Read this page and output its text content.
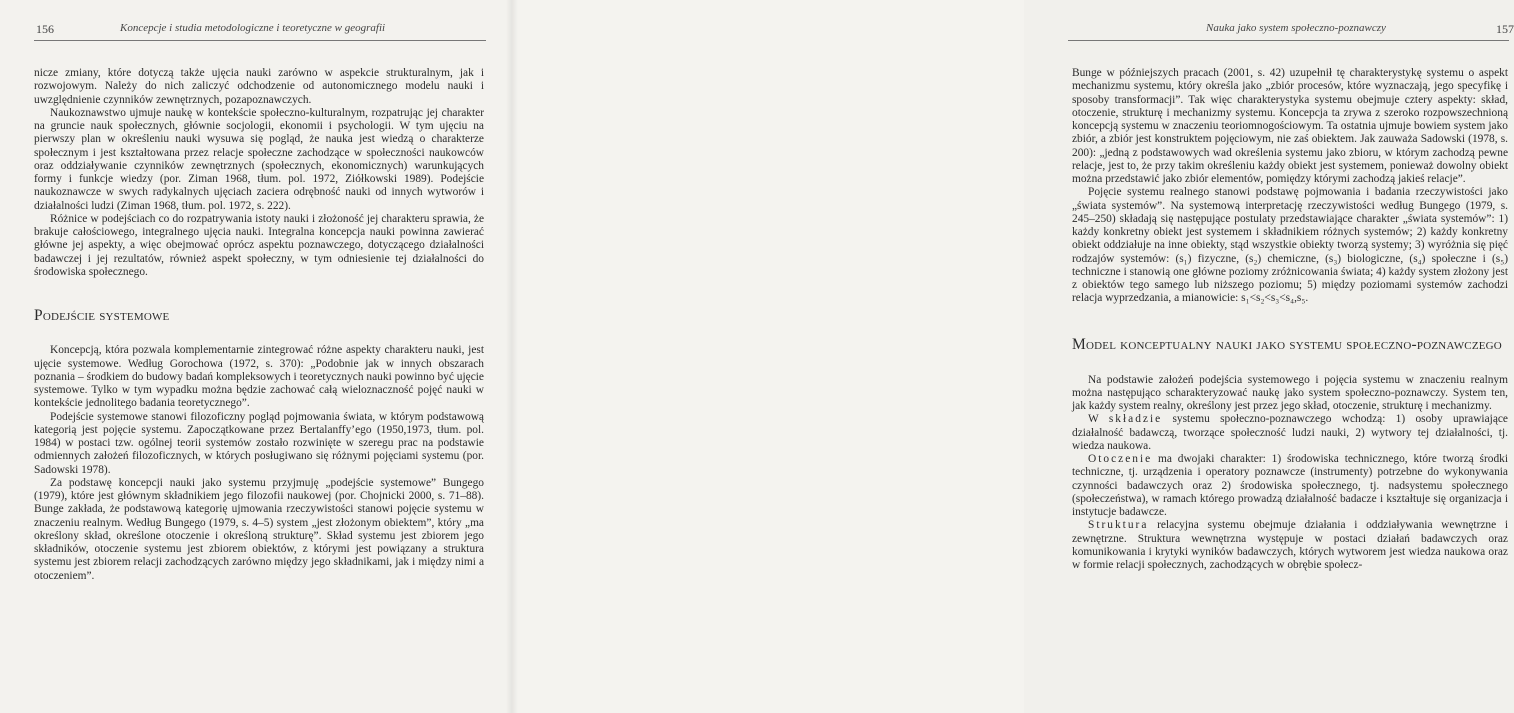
156	Koncepcje i studia metodologiczne i teoretyczne w geografii

nicze zmiany, które dotyczą także ujęcia nauki zarówno w aspekcie strukturalnym, jak i rozwojowym. Należy do nich zaliczyć odchodzenie od autonomicznego modelu nauki i uwzględnienie czynników zewnętrznych, pozapoznawczych.

Naukoznawstwo ujmuje naukę w kontekście społeczno-kulturalnym, rozpatrując jej charakter na gruncie nauk społecznych, głównie socjologii, ekonomii i psychologii. W tym ujęciu na pierwszy plan w określeniu nauki wysuwa się pogląd, że nauka jest wiedzą o charakterze społecznym i jest kształtowana przez relacje społeczne zachodzące w społeczności naukowców oraz oddziaływanie czynników zewnętrznych (społecznych, ekonomicznych) warunkujących formy i funkcje wiedzy (por. Ziman 1968, tłum. pol. 1972, Ziółkowski 1989). Podejście naukoznawcze w swych radykalnych ujęciach zaciera odrębność nauki od innych wytworów i działalności ludzi (Ziman 1968, tłum. pol. 1972, s. 222).

Różnice w podejściach co do rozpatrywania istoty nauki i złożoność jej charakteru sprawia, że brakuje całościowego, integralnego ujęcia nauki. Integralna koncepcja nauki powinna zawierać główne jej aspekty, a więc obejmować oprócz aspektu poznawczego, dotyczącego działalności badawczej i jej rezultatów, również aspekt społeczny, w tym odniesienie tej działalności do środowiska społecznego.

Podejście systemowe

Koncepcją, która pozwala komplementarnie zintegrować różne aspekty charakteru nauki, jest ujęcie systemowe. Według Gorochowa (1972, s. 370): „Podobnie jak w innych obszarach poznania – środkiem do budowy badań kompleksowych i teoretycznych nauki powinno być ujęcie systemowe. Tylko w tym wypadku można będzie zachować całą wieloznaczność pojęć nauki w kontekście jednolitego badania teoretycznego”.

Podejście systemowe stanowi filozoficzny pogląd pojmowania świata, w którym podstawową kategorią jest pojęcie systemu. Zapoczątkowane przez Bertalanffy’ego (1950,1973, tłum. pol. 1984) w postaci tzw. ogólnej teorii systemów zostało rozwinięte w szeregu prac na podstawie odmiennych założeń filozoficznych, w których posługiwano się różnymi pojęciami systemu (por. Sadowski 1978).

Za podstawę koncepcji nauki jako systemu przyjmuję „podejście systemowe” Bungego (1979), które jest głównym składnikiem jego filozofii naukowej (por. Chojnicki 2000, s. 71–88). Bunge zakłada, że podstawową kategorię ujmowania rzeczywistości stanowi pojęcie systemu w znaczeniu realnym. Według Bungego (1979, s. 4–5) system „jest złożonym obiektem”, który „ma określony skład, określone otoczenie i określoną strukturę”. Skład systemu jest zbiorem jego składników, otoczenie systemu jest zbiorem obiektów, z którymi jest powiązany a struktura systemu jest zbiorem relacji zachodzących zarówno między jego składnikami, jak i między nimi a otoczeniem”.

Nauka jako system społeczno-poznawczy	157

Bunge w późniejszych pracach (2001, s. 42) uzupełnił tę charakterystykę systemu o aspekt mechanizmu systemu, który określa jako „zbiór procesów, które wyznaczają, jego specyfikę i sposoby transformacji”. Tak więc charakterystyka systemu obejmuje cztery aspekty: skład, otoczenie, strukturę i mechanizmy systemu. Koncepcja ta zrywa z szeroko rozpowszechnioną koncepcją systemu w znaczeniu teoriomnogościowym. Ta ostatnia ujmuje bowiem system jako zbiór, a zbiór jest konstruktem pojęciowym, nie zaś obiektem. Jak zauważa Sadowski (1978, s. 200): „jedną z podstawowych wad określenia systemu jako zbioru, w którym zachodzą pewne relacje, jest to, że przy takim określeniu każdy obiekt jest systemem, ponieważ dowolny obiekt można przedstawić jako zbiór elementów, pomiędzy którymi zachodzą jakieś relacje”.

Pojęcie systemu realnego stanowi podstawę pojmowania i badania rzeczywistości jako „świata systemów”. Na systemową interpretację rzeczywistości według Bungego (1979, s. 245–250) składają się następujące postulaty przedstawiające charakter „świata systemów”: 1) każdy konkretny obiekt jest systemem i składnikiem różnych systemów; 2) każdy konkretny obiekt oddziałuje na inne obiekty, stąd wszystkie obiekty tworzą systemy; 3) wyróżnia się pięć rodzajów systemów: (s₁) fizyczne, (s₂) chemiczne, (s₃) biologiczne, (s₄) społeczne i (s₅) techniczne i stanowią one główne poziomy zróżnicowania świata; 4) każdy system złożony jest z obiektów tego samego lub niższego poziomu; 5) między poziomami systemów zachodzi relacja wyprzedzania, a mianowicie: s₁<s₂<s₃<s₄,s₅.

Model konceptualny nauki jako systemu społeczno-poznawczego

Na podstawie założeń podejścia systemowego i pojęcia systemu w znaczeniu realnym można następująco scharakteryzować naukę jako system społeczno-poznawczy. System ten, jak każdy system realny, określony jest przez jego skład, otoczenie, strukturę i mechanizmy.

W składzie systemu społeczno-poznawczego wchodzą: 1) osoby uprawiające działalność badawczą, tworzące społeczność ludzi nauki, 2) wytwory tej działalności, tj. wiedza naukowa.

Otoczenie ma dwojaki charakter: 1) środowiska technicznego, które tworzą środki techniczne, tj. urządzenia i operatory poznawcze (instrumenty) potrzebne do wykonywania czynności badawczych oraz 2) środowiska społecznego, tj. nadsystemu społecznego (społeczeństwa), w ramach którego prowadzą działalność badacze i kształtuje się organizacja i instytucje badawcze.

Struktura relacyjna systemu obejmuje działania i oddziaływania wewnętrzne i zewnętrzne. Struktura wewnętrzna występuje w postaci działań badawczych oraz komunikowania i krytyki wyników badawczych, których wytworem jest wiedza naukowa oraz w formie relacji społecznych, zachodzących w obrębie społecz-
